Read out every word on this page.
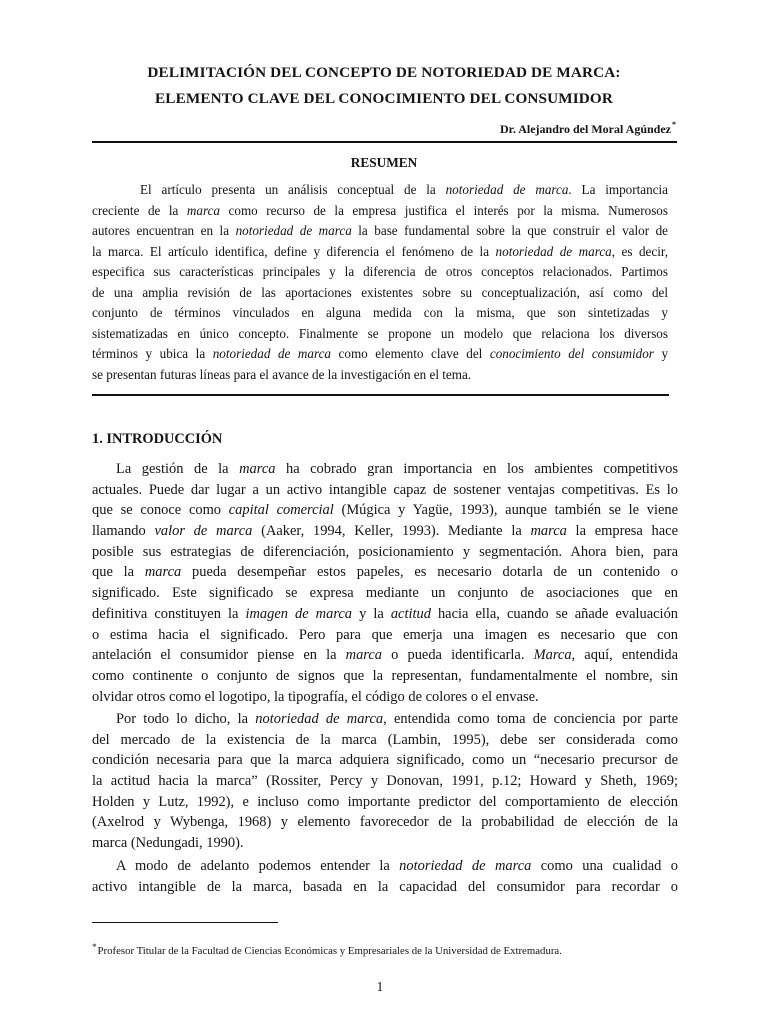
DELIMITACIÓN DEL CONCEPTO DE NOTORIEDAD DE MARCA:
ELEMENTO CLAVE DEL CONOCIMIENTO DEL CONSUMIDOR
Dr. Alejandro del Moral Agúndez*
RESUMEN
El artículo presenta un análisis conceptual de la notoriedad de marca. La importancia
creciente de la marca como recurso de la empresa justifica el interés por la misma. Numerosos
autores encuentran en la notoriedad de marca la base fundamental sobre la que construir el valor de
la marca. El artículo identifica, define y diferencia el fenómeno de la notoriedad de marca, es decir,
especifica sus características principales y la diferencia de otros conceptos relacionados. Partimos
de una amplia revisión de las aportaciones existentes sobre su conceptualización, así como del
conjunto de términos vinculados en alguna medida con la misma, que son sintetizadas y
sistematizadas en único concepto. Finalmente se propone un modelo que relaciona los diversos
términos y ubica la notoriedad de marca como elemento clave del conocimiento del consumidor y
se presentan futuras líneas para el avance de la investigación en el tema.
1. INTRODUCCIÓN
La gestión de la marca ha cobrado gran importancia en los ambientes competitivos
actuales. Puede dar lugar a un activo intangible capaz de sostener ventajas competitivas. Es lo
que se conoce como capital comercial (Múgica y Yagüe, 1993), aunque también se le viene
llamando valor de marca (Aaker, 1994, Keller, 1993). Mediante la marca la empresa hace
posible sus estrategias de diferenciación, posicionamiento y segmentación. Ahora bien, para
que la marca pueda desempeñar estos papeles, es necesario dotarla de un contenido o
significado. Este significado se expresa mediante un conjunto de asociaciones que en
definitiva constituyen la imagen de marca y la actitud hacia ella, cuando se añade evaluación
o estima hacia el significado. Pero para que emerja una imagen es necesario que con
antelación el consumidor piense en la marca o pueda identificarla. Marca, aquí, entendida
como continente o conjunto de signos que la representan, fundamentalmente el nombre, sin
olvidar otros como el logotipo, la tipografía, el código de colores o el envase.
Por todo lo dicho, la notoriedad de marca, entendida como toma de conciencia por parte
del mercado de la existencia de la marca (Lambin, 1995), debe ser considerada como
condición necesaria para que la marca adquiera significado, como un “necesario precursor de
la actitud hacia la marca” (Rossiter, Percy y Donovan, 1991, p.12; Howard y Sheth, 1969;
Holden y Lutz, 1992), e incluso como importante predictor del comportamiento de elección
(Axelrod y Wybenga, 1968) y elemento favorecedor de la probabilidad de elección de la
marca (Nedungadi, 1990).
A modo de adelanto podemos entender la notoriedad de marca como una cualidad o
activo intangible de la marca, basada en la capacidad del consumidor para recordar o
*Profesor Titular de la Facultad de Ciencias Económicas y Empresariales de la Universidad de Extremadura.
1
